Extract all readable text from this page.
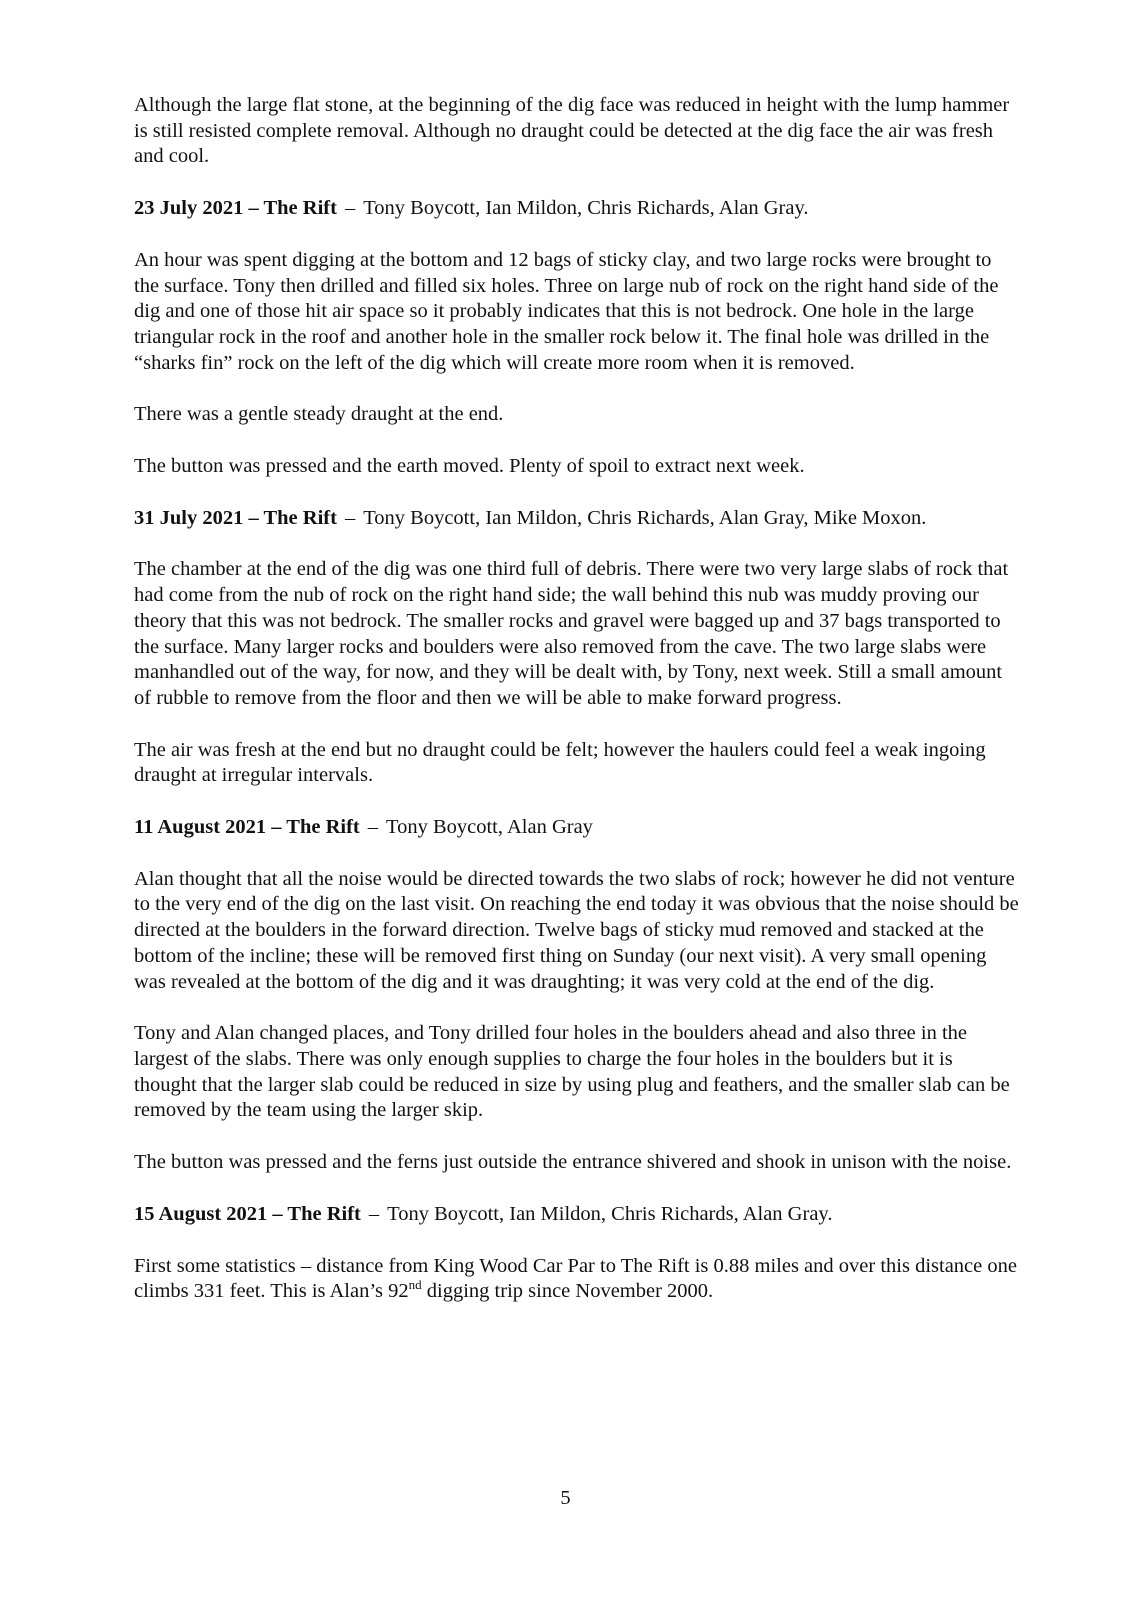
Although the large flat stone, at the beginning of the dig face was reduced in height with the lump hammer is still resisted complete removal. Although no draught could be detected at the dig face the air was fresh and cool.

23 July 2021 – The Rift – Tony Boycott, Ian Mildon, Chris Richards, Alan Gray.

An hour was spent digging at the bottom and 12 bags of sticky clay, and two large rocks were brought to the surface. Tony then drilled and filled six holes. Three on large nub of rock on the right hand side of the dig and one of those hit air space so it probably indicates that this is not bedrock. One hole in the large triangular rock in the roof and another hole in the smaller rock below it. The final hole was drilled in the “sharks fin” rock on the left of the dig which will create more room when it is removed.

There was a gentle steady draught at the end.

The button was pressed and the earth moved. Plenty of spoil to extract next week.

31 July 2021 – The Rift – Tony Boycott, Ian Mildon, Chris Richards, Alan Gray, Mike Moxon.

The chamber at the end of the dig was one third full of debris. There were two very large slabs of rock that had come from the nub of rock on the right hand side; the wall behind this nub was muddy proving our theory that this was not bedrock. The smaller rocks and gravel were bagged up and 37 bags transported to the surface. Many larger rocks and boulders were also removed from the cave. The two large slabs were manhandled out of the way, for now, and they will be dealt with, by Tony, next week. Still a small amount of rubble to remove from the floor and then we will be able to make forward progress.

The air was fresh at the end but no draught could be felt; however the haulers could feel a weak ingoing draught at irregular intervals.

11 August 2021 – The Rift – Tony Boycott, Alan Gray

Alan thought that all the noise would be directed towards the two slabs of rock; however he did not venture to the very end of the dig on the last visit. On reaching the end today it was obvious that the noise should be directed at the boulders in the forward direction. Twelve bags of sticky mud removed and stacked at the bottom of the incline; these will be removed first thing on Sunday (our next visit). A very small opening was revealed at the bottom of the dig and it was draughting; it was very cold at the end of the dig.

Tony and Alan changed places, and Tony drilled four holes in the boulders ahead and also three in the largest of the slabs. There was only enough supplies to charge the four holes in the boulders but it is thought that the larger slab could be reduced in size by using plug and feathers, and the smaller slab can be removed by the team using the larger skip.

The button was pressed and the ferns just outside the entrance shivered and shook in unison with the noise.

15 August 2021 – The Rift – Tony Boycott, Ian Mildon, Chris Richards, Alan Gray.

First some statistics – distance from King Wood Car Par to The Rift is 0.88 miles and over this distance one climbs 331 feet. This is Alan’s 92nd digging trip since November 2000.

5
